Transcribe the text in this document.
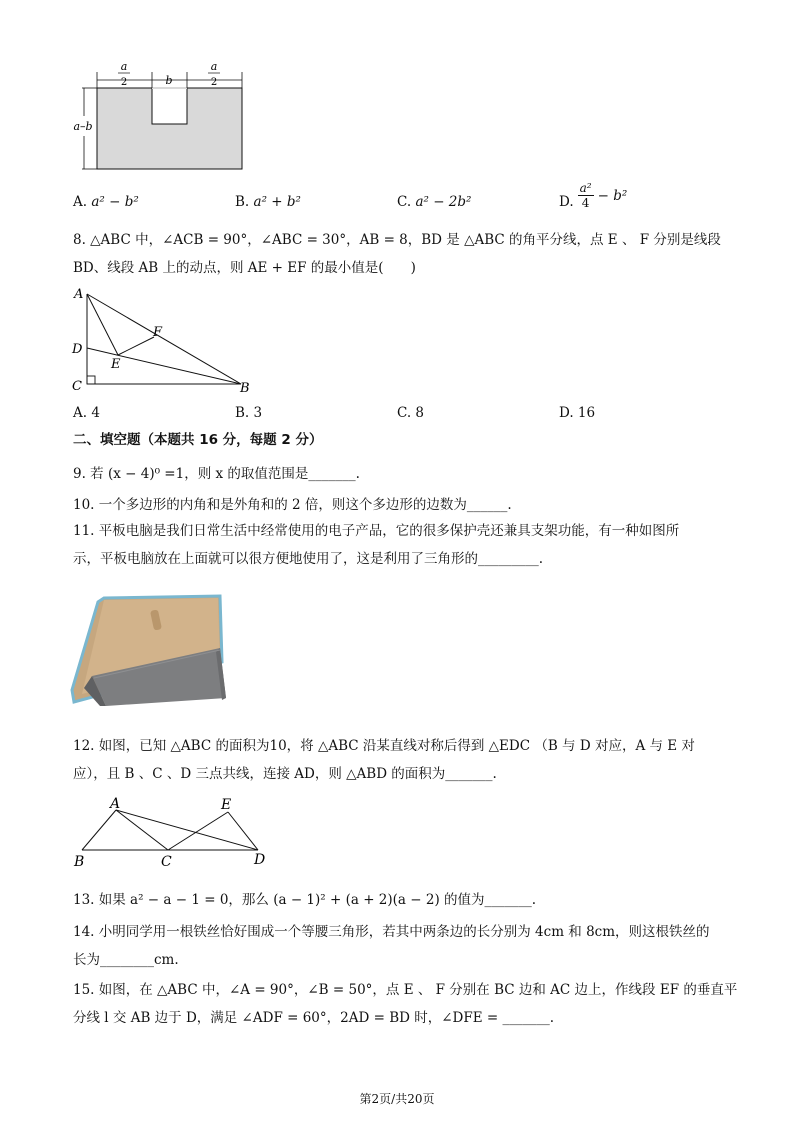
a
2	b
a
2
a–b
A. a² − b²	B. a² + b²	C. a² − 2b²	D. $\frac{\text{a²}}{4} - b^2$
8. △ABC 中，∠ACB = 90°，∠ABC = 30°，AB = 8，BD 是 △ABC 的角平分线，点 E 、 F 分别是线段
BD、线段 AB 上的动点，则 AE + EF 的最小值是(　　)
A
D
C	B
E
F
A. 4	B. 3	C. 8	D. 16
二、填空题（本题共 16 分，每题 2 分）
9. 若 (x − 4)⁰ =1，则 x 的取值范围是_______.
10. 一个多边形的内角和是外角和的 2 倍，则这个多边形的边数为______.
11. 平板电脑是我们日常生活中经常使用的电子产品，它的很多保护壳还兼具支架功能，有一种如图所
示，平板电脑放在上面就可以很方便地使用了，这是利用了三角形的_________.
12. 如图，已知 △ABC 的面积为10，将 △ABC 沿某直线对称后得到 △EDC （B 与 D 对应，A 与 E 对
应），且 B 、C 、D 三点共线，连接 AD，则 △ABD 的面积为_______.
A	E
B	C	D
13. 如果 a² − a − 1 = 0，那么 (a − 1)² + (a + 2)(a − 2) 的值为_______.
14. 小明同学用一根铁丝恰好围成一个等腰三角形，若其中两条边的长分别为 4cm 和 8cm，则这根铁丝的
长为________cm.
15. 如图，在 △ABC 中，∠A = 90°，∠B = 50°，点 E 、 F 分别在 BC 边和 AC 边上，作线段 EF 的垂直平
分线 l 交 AB 边于 D，满足 ∠ADF = 60°，2AD = BD 时，∠DFE = _______.
第2页/共20页
